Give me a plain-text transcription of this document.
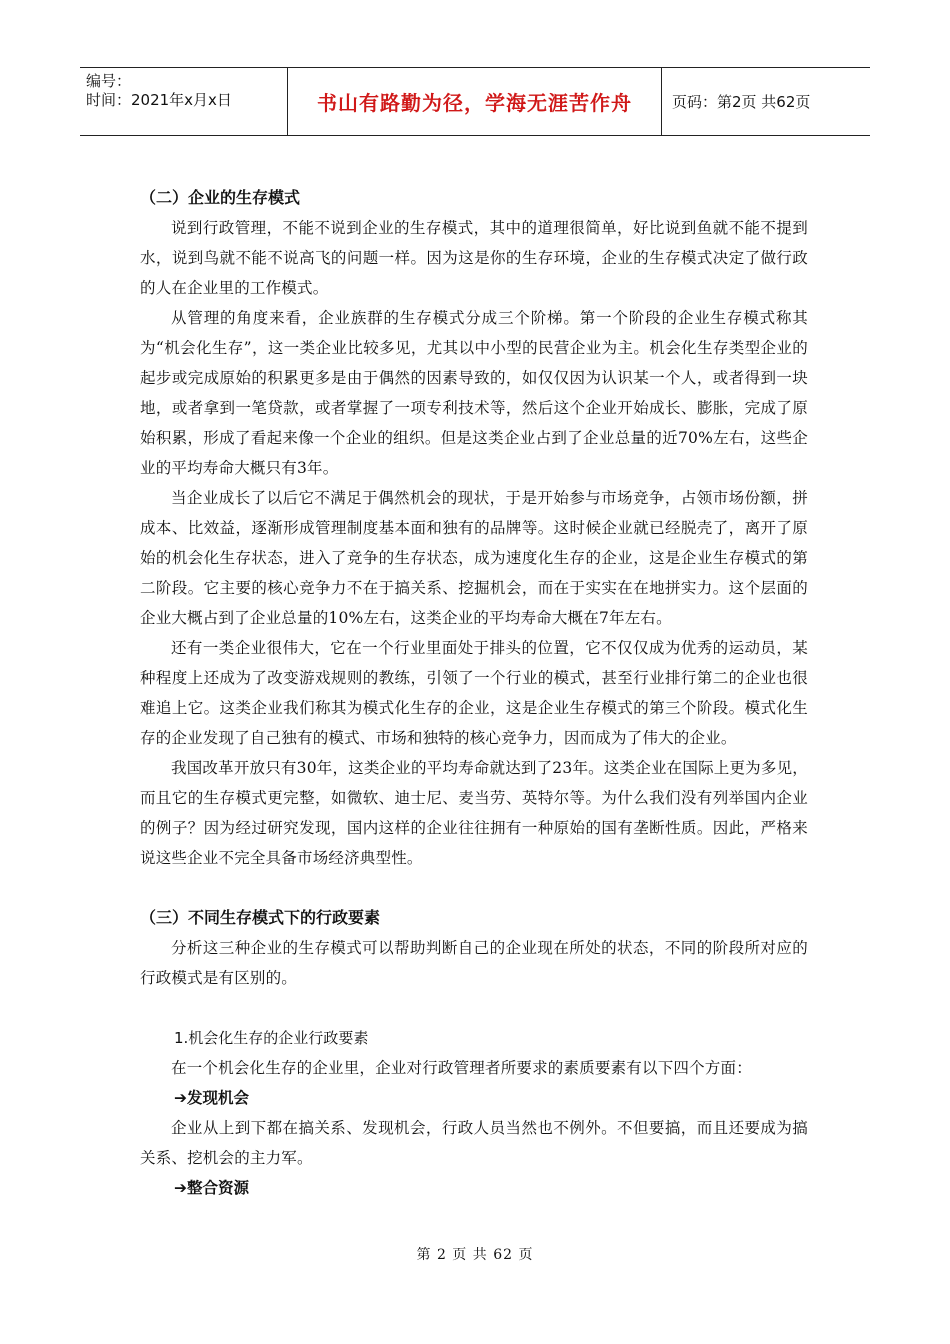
编号：
时间：2021年x月x日	书山有路勤为径，学海无涯苦作舟	页码：第2页 共62页

（二）企业的生存模式

说到行政管理，不能不说到企业的生存模式，其中的道理很简单，好比说到鱼就不能不提到水，说到鸟就不能不说高飞的问题一样。因为这是你的生存环境，企业的生存模式决定了做行政的人在企业里的工作模式。

从管理的角度来看，企业族群的生存模式分成三个阶梯。第一个阶段的企业生存模式称其为“机会化生存”，这一类企业比较多见，尤其以中小型的民营企业为主。机会化生存类型企业的起步或完成原始的积累更多是由于偶然的因素导致的，如仅仅因为认识某一个人，或者得到一块地，或者拿到一笔贷款，或者掌握了一项专利技术等，然后这个企业开始成长、膨胀，完成了原始积累，形成了看起来像一个企业的组织。但是这类企业占到了企业总量的近70%左右，这些企业的平均寿命大概只有3年。

当企业成长了以后它不满足于偶然机会的现状，于是开始参与市场竞争，占领市场份额，拼成本、比效益，逐渐形成管理制度基本面和独有的品牌等。这时候企业就已经脱壳了，离开了原始的机会化生存状态，进入了竞争的生存状态，成为速度化生存的企业，这是企业生存模式的第二阶段。它主要的核心竞争力不在于搞关系、挖掘机会，而在于实实在在地拼实力。这个层面的企业大概占到了企业总量的10%左右，这类企业的平均寿命大概在7年左右。

还有一类企业很伟大，它在一个行业里面处于排头的位置，它不仅仅成为优秀的运动员，某种程度上还成为了改变游戏规则的教练，引领了一个行业的模式，甚至行业排行第二的企业也很难追上它。这类企业我们称其为模式化生存的企业，这是企业生存模式的第三个阶段。模式化生存的企业发现了自己独有的模式、市场和独特的核心竞争力，因而成为了伟大的企业。

我国改革开放只有30年，这类企业的平均寿命就达到了23年。这类企业在国际上更为多见，而且它的生存模式更完整，如微软、迪士尼、麦当劳、英特尔等。为什么我们没有列举国内企业的例子？因为经过研究发现，国内这样的企业往往拥有一种原始的国有垄断性质。因此，严格来说这些企业不完全具备市场经济典型性。

（三）不同生存模式下的行政要素

分析这三种企业的生存模式可以帮助判断自己的企业现在所处的状态，不同的阶段所对应的行政模式是有区别的。

1.机会化生存的企业行政要素

在一个机会化生存的企业里，企业对行政管理者所要求的素质要素有以下四个方面：

➔发现机会

企业从上到下都在搞关系、发现机会，行政人员当然也不例外。不但要搞，而且还要成为搞关系、挖机会的主力军。

➔整合资源

第 2 页 共 62 页
